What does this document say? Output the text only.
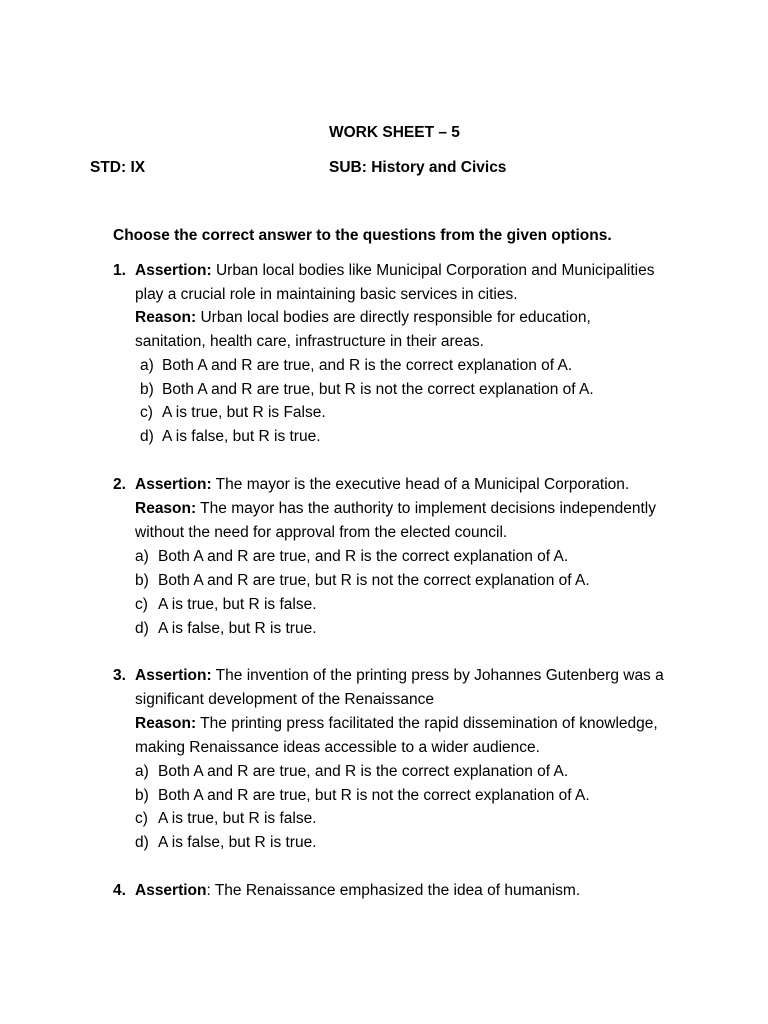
WORK SHEET – 5
STD: IX	SUB: History and Civics
Choose the correct answer to the questions from the given options.
1. Assertion: Urban local bodies like Municipal Corporation and Municipalities
play a crucial role in maintaining basic services in cities.
Reason: Urban local bodies are directly responsible for education,
sanitation, health care, infrastructure in their areas.
a) Both A and R are true, and R is the correct explanation of A.
b) Both A and R are true, but R is not the correct explanation of A.
c) A is true, but R is False.
d) A is false, but R is true.
2. Assertion: The mayor is the executive head of a Municipal Corporation.
Reason: The mayor has the authority to implement decisions independently
without the need for approval from the elected council.
a) Both A and R are true, and R is the correct explanation of A.
b) Both A and R are true, but R is not the correct explanation of A.
c) A is true, but R is false.
d) A is false, but R is true.
3. Assertion: The invention of the printing press by Johannes Gutenberg was a
significant development of the Renaissance
Reason: The printing press facilitated the rapid dissemination of knowledge,
making Renaissance ideas accessible to a wider audience.
a) Both A and R are true, and R is the correct explanation of A.
b) Both A and R are true, but R is not the correct explanation of A.
c) A is true, but R is false.
d) A is false, but R is true.
4. Assertion: The Renaissance emphasized the idea of humanism.
